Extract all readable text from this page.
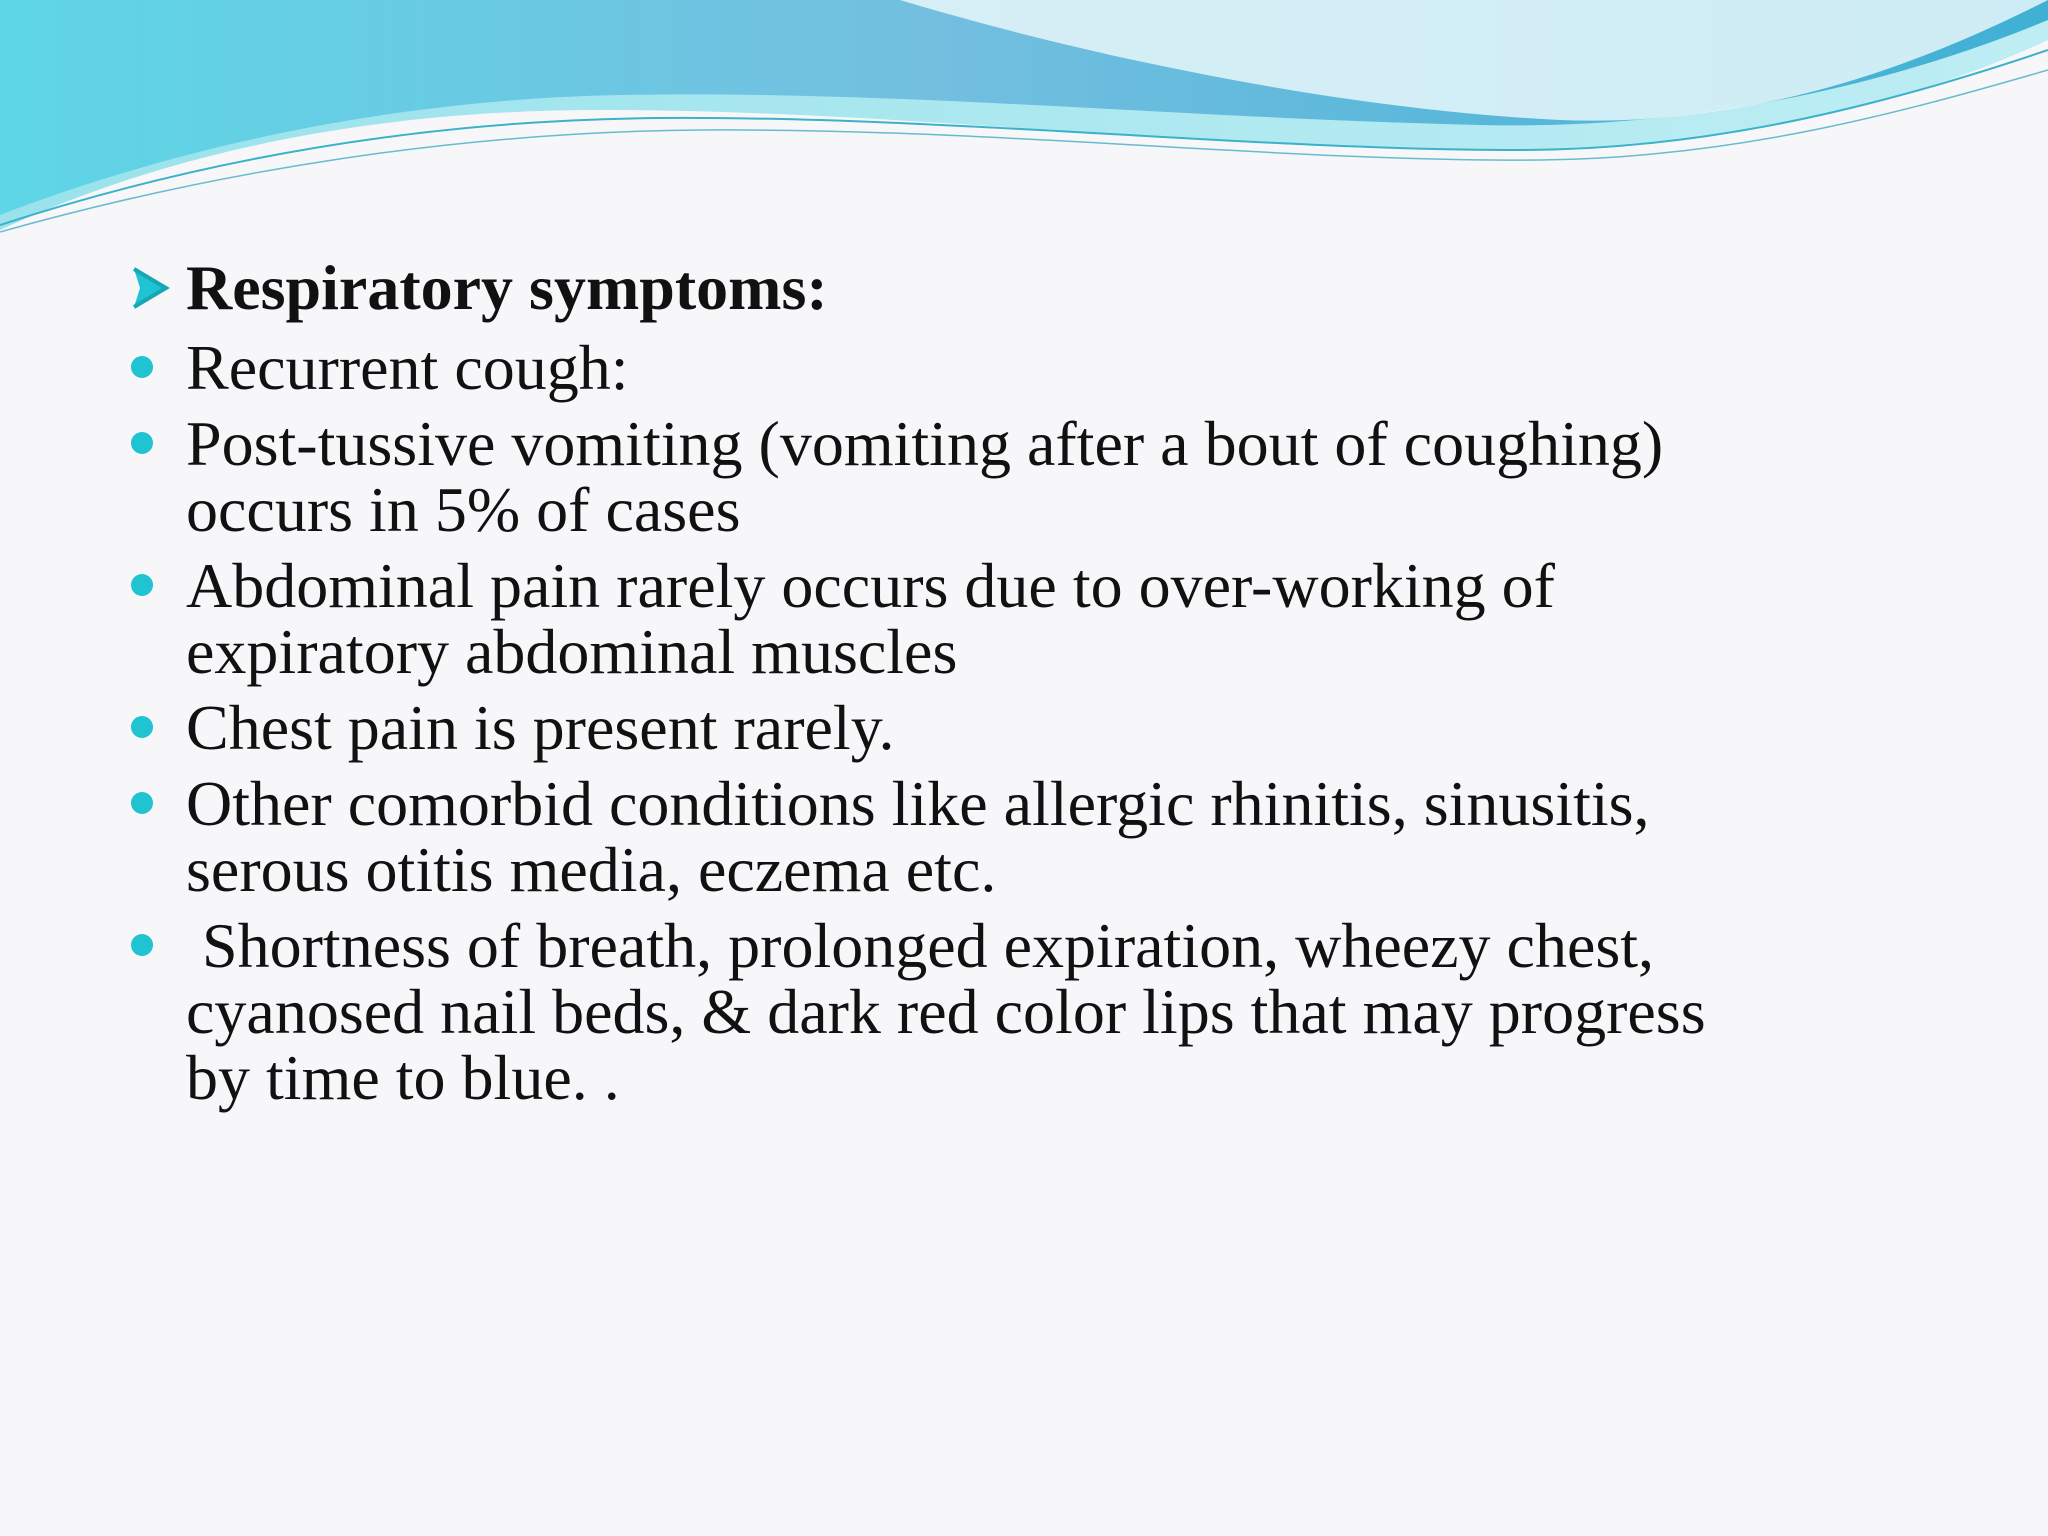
Respiratory symptoms:
Recurrent cough:
Post-tussive vomiting (vomiting after a bout of coughing)
occurs in 5% of cases
Abdominal pain rarely occurs due to over-working of
expiratory abdominal muscles
Chest pain is present rarely.
Other comorbid conditions like allergic rhinitis, sinusitis,
serous otitis media, eczema etc.
Shortness of breath, prolonged expiration, wheezy chest,
cyanosed nail beds, & dark red color lips that may progress
by time to blue. .
